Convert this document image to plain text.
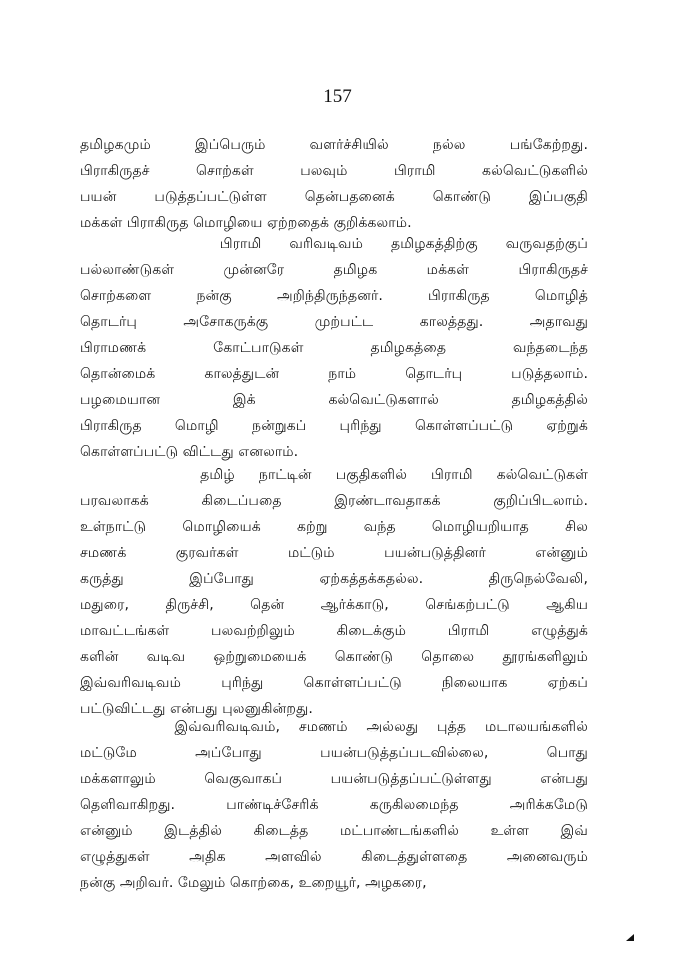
157
தமிழகமும் இப்பெரும் வளர்ச்சியில் நல்ல பங்கேற்றது.
பிராகிருதச் சொற்கள் பலவும் பிராமி கல்வெட்டுகளில்
பயன் படுத்தப்பட்டுள்ள தென்பதனைக் கொண்டு இப்பகுதி
மக்கள் பிராகிருத மொழியை ஏற்றதைக் குறிக்கலாம்.
பிராமி வரிவடிவம் தமிழகத்திற்கு வருவதற்குப்
பல்லாண்டுகள் முன்னரே தமிழக மக்கள் பிராகிருதச்
சொற்களை நன்கு அறிந்திருந்தனர். பிராகிருத மொழித்
தொடர்பு அசோகருக்கு முற்பட்ட காலத்தது. அதாவது
பிராமணக் கோட்பாடுகள் தமிழகத்தை வந்தடைந்த
தொன்மைக் காலத்துடன் நாம் தொடர்பு படுத்தலாம்.
பழமையான இக் கல்வெட்டுகளால் தமிழகத்தில்
பிராகிருத மொழி நன்றுகப் புரிந்து கொள்ளப்பட்டு ஏற்றுக்
கொள்ளப்பட்டு விட்டது எனலாம்.
தமிழ் நாட்டின் பகுதிகளில் பிராமி கல்வெட்டுகள்
பரவலாகக் கிடைப்பதை இரண்டாவதாகக் குறிப்பிடலாம்.
உள்நாட்டு மொழியைக் கற்று வந்த மொழியறியாத சில
சமணக் குரவர்கள் மட்டும் பயன்படுத்தினர் என்னும்
கருத்து இப்போது ஏற்கத்தக்கதல்ல. திருநெல்வேலி,
மதுரை, திருச்சி, தென் ஆர்க்காடு, செங்கற்பட்டு ஆகிய
மாவட்டங்கள் பலவற்றிலும் கிடைக்கும் பிராமி எழுத்துக்
களின் வடிவ ஒற்றுமையைக் கொண்டு தொலை தூரங்களிலும்
இவ்வரிவடிவம் புரிந்து கொள்ளப்பட்டு நிலையாக ஏற்கப்
பட்டுவிட்டது என்பது புலனுகின்றது.
இவ்வரிவடிவம், சமணம் அல்லது புத்த மடாலயங்களில்
மட்டுமே அப்போது பயன்படுத்தப்படவில்லை, பொது
மக்களாலும் வெகுவாகப் பயன்படுத்தப்பட்டுள்ளது என்பது
தெளிவாகிறது. பாண்டிச்சேரிக் கருகிலமைந்த அரிக்கமேடு
என்னும் இடத்தில் கிடைத்த மட்பாண்டங்களில் உள்ள இவ்
எழுத்துகள் அதிக அளவில் கிடைத்துள்ளதை அனைவரும்
நன்கு அறிவர். மேலும் கொற்கை, உறையூர், அழகரை,
